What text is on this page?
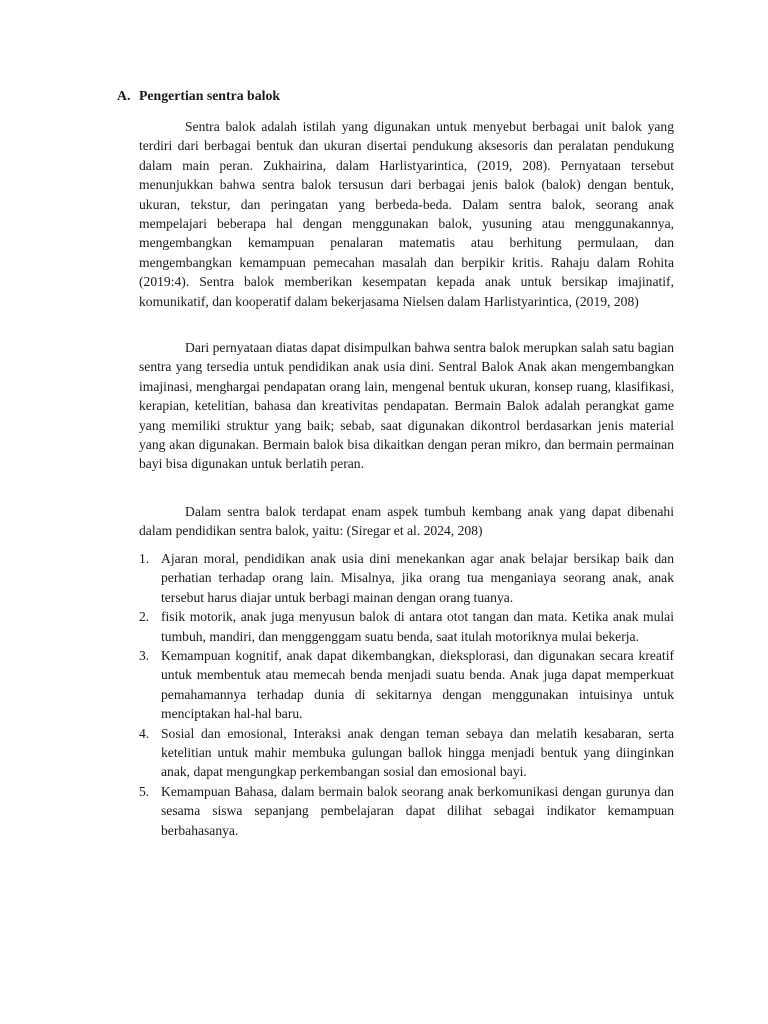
A. Pengertian sentra balok

Sentra balok adalah istilah yang digunakan untuk menyebut berbagai unit balok yang terdiri dari berbagai bentuk dan ukuran disertai pendukung aksesoris dan peralatan pendukung dalam main peran. Zukhairina, dalam Harlistyarintica, (2019, 208). Pernyataan tersebut menunjukkan bahwa sentra balok tersusun dari berbagai jenis balok (balok) dengan bentuk, ukuran, tekstur, dan peringatan yang berbeda-beda. Dalam sentra balok, seorang anak mempelajari beberapa hal dengan menggunakan balok, yusuning atau menggunakannya, mengembangkan kemampuan penalaran matematis atau berhitung permulaan, dan mengembangkan kemampuan pemecahan masalah dan berpikir kritis. Rahaju dalam Rohita (2019:4). Sentra balok memberikan kesempatan kepada anak untuk bersikap imajinatif, komunikatif, dan kooperatif dalam bekerjasama Nielsen dalam Harlistyarintica, (2019, 208)

Dari pernyataan diatas dapat disimpulkan bahwa sentra balok merupkan salah satu bagian sentra yang tersedia untuk pendidikan anak usia dini. Sentral Balok Anak akan mengembangkan imajinasi, menghargai pendapatan orang lain, mengenal bentuk ukuran, konsep ruang, klasifikasi, kerapian, ketelitian, bahasa dan kreativitas pendapatan. Bermain Balok adalah perangkat game yang memiliki struktur yang baik; sebab, saat digunakan dikontrol berdasarkan jenis material yang akan digunakan. Bermain balok bisa dikaitkan dengan peran mikro, dan bermain permainan bayi bisa digunakan untuk berlatih peran.

Dalam sentra balok terdapat enam aspek tumbuh kembang anak yang dapat dibenahi dalam pendidikan sentra balok, yaitu: (Siregar et al. 2024, 208)

1. Ajaran moral, pendidikan anak usia dini menekankan agar anak belajar bersikap baik dan perhatian terhadap orang lain. Misalnya, jika orang tua menganiaya seorang anak, anak tersebut harus diajar untuk berbagi mainan dengan orang tuanya.
2. fisik motorik, anak juga menyusun balok di antara otot tangan dan mata. Ketika anak mulai tumbuh, mandiri, dan menggenggam suatu benda, saat itulah motoriknya mulai bekerja.
3. Kemampuan kognitif, anak dapat dikembangkan, dieksplorasi, dan digunakan secara kreatif untuk membentuk atau memecah benda menjadi suatu benda. Anak juga dapat memperkuat pemahamannya terhadap dunia di sekitarnya dengan menggunakan intuisinya untuk menciptakan hal-hal baru.
4. Sosial dan emosional, Interaksi anak dengan teman sebaya dan melatih kesabaran, serta ketelitian untuk mahir membuka gulungan ballok hingga menjadi bentuk yang diinginkan anak, dapat mengungkap perkembangan sosial dan emosional bayi.
5. Kemampuan Bahasa, dalam bermain balok seorang anak berkomunikasi dengan gurunya dan sesama siswa sepanjang pembelajaran dapat dilihat sebagai indikator kemampuan berbahasanya.
